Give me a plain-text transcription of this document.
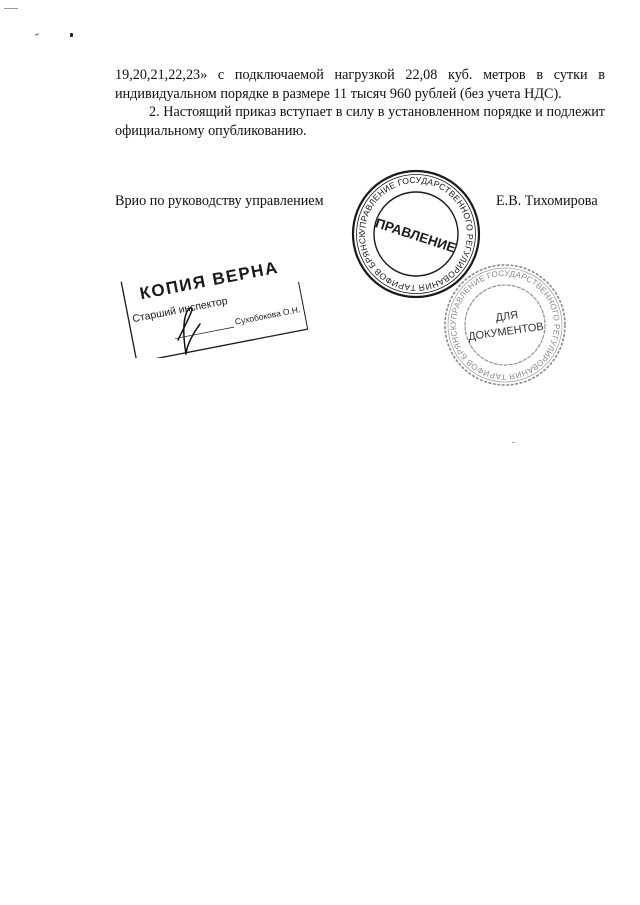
19,20,21,22,23» с подключаемой нагрузкой 22,08 куб. метров в сутки в индивидуальном порядке в размере 11 тысяч 960 рублей (без учета НДС).

2. Настоящий приказ вступает в силу в установленном порядке и подлежит официальному опубликованию.

Врио по руководству управлением	Е.В. Тихомирова
УПРАВЛЕНИЕ ГОСУДАРСТВЕННОГО РЕГУЛИРОВАНИЯ ТАРИФОВ БРЯНСКОЙ ОБЛАСТИ
ПРАВЛЕНИЕ
УПРАВЛЕНИЕ ГОСУДАРСТВЕННОГО РЕГУЛИРОВАНИЯ ТАРИФОВ БРЯНСКОЙ ОБЛАСТИ
ДЛЯ
ДОКУМЕНТОВ
КОПИЯ ВЕРНА
Старший инспектор Сухобокова О.Н.
